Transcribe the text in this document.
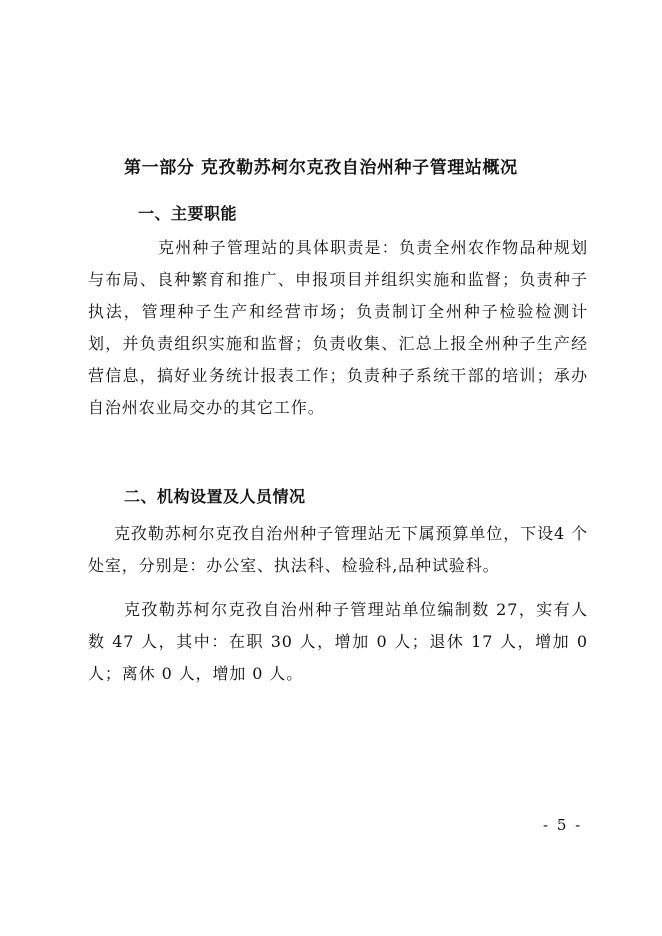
第一部分 克孜勒苏柯尔克孜自治州种子管理站概况
一、主要职能
克州种子管理站的具体职责是：负责全州农作物品种规划与布局、良种繁育和推广、申报项目并组织实施和监督；负责种子执法，管理种子生产和经营市场；负责制订全州种子检验检测计划，并负责组织实施和监督；负责收集、汇总上报全州种子生产经营信息，搞好业务统计报表工作；负责种子系统干部的培训；承办自治州农业局交办的其它工作。
二、机构设置及人员情况
克孜勒苏柯尔克孜自治州种子管理站无下属预算单位，下设4 个处室，分别是：办公室、执法科、检验科,品种试验科。
克孜勒苏柯尔克孜自治州种子管理站单位编制数 27，实有人数 47 人，其中：在职 30 人，增加 0 人；退休 17 人，增加 0人；离休 0 人，增加 0 人。
- 5 -
